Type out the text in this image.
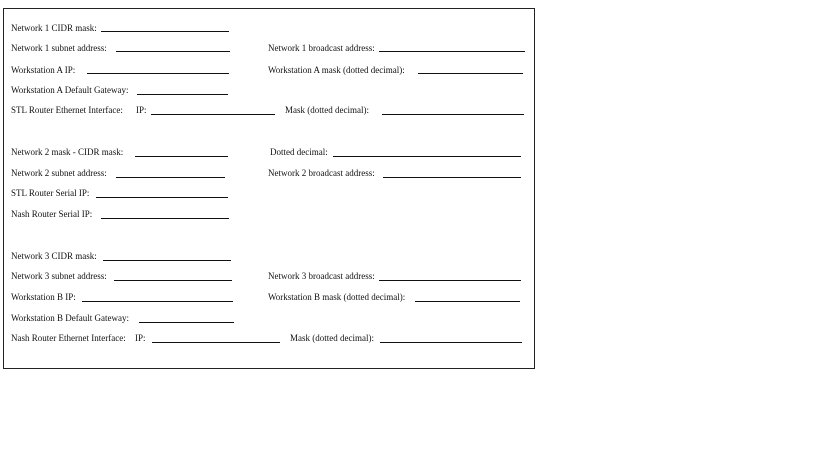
Network 1 CIDR mask:
Network 1 subnet address:	Network 1 broadcast address:
Workstation A IP:	Workstation A mask (dotted decimal):
Workstation A Default Gateway:
STL Router Ethernet Interface: IP:	Mask (dotted decimal):
Network 2 mask - CIDR mask:	Dotted decimal:
Network 2 subnet address:	Network 2 broadcast address:
STL Router Serial IP:
Nash Router Serial IP:
Network 3 CIDR mask:
Network 3 subnet address:	Network 3 broadcast address:
Workstation B IP:	Workstation B mask (dotted decimal):
Workstation B Default Gateway:
Nash Router Ethernet Interface: IP:	Mask (dotted decimal):
